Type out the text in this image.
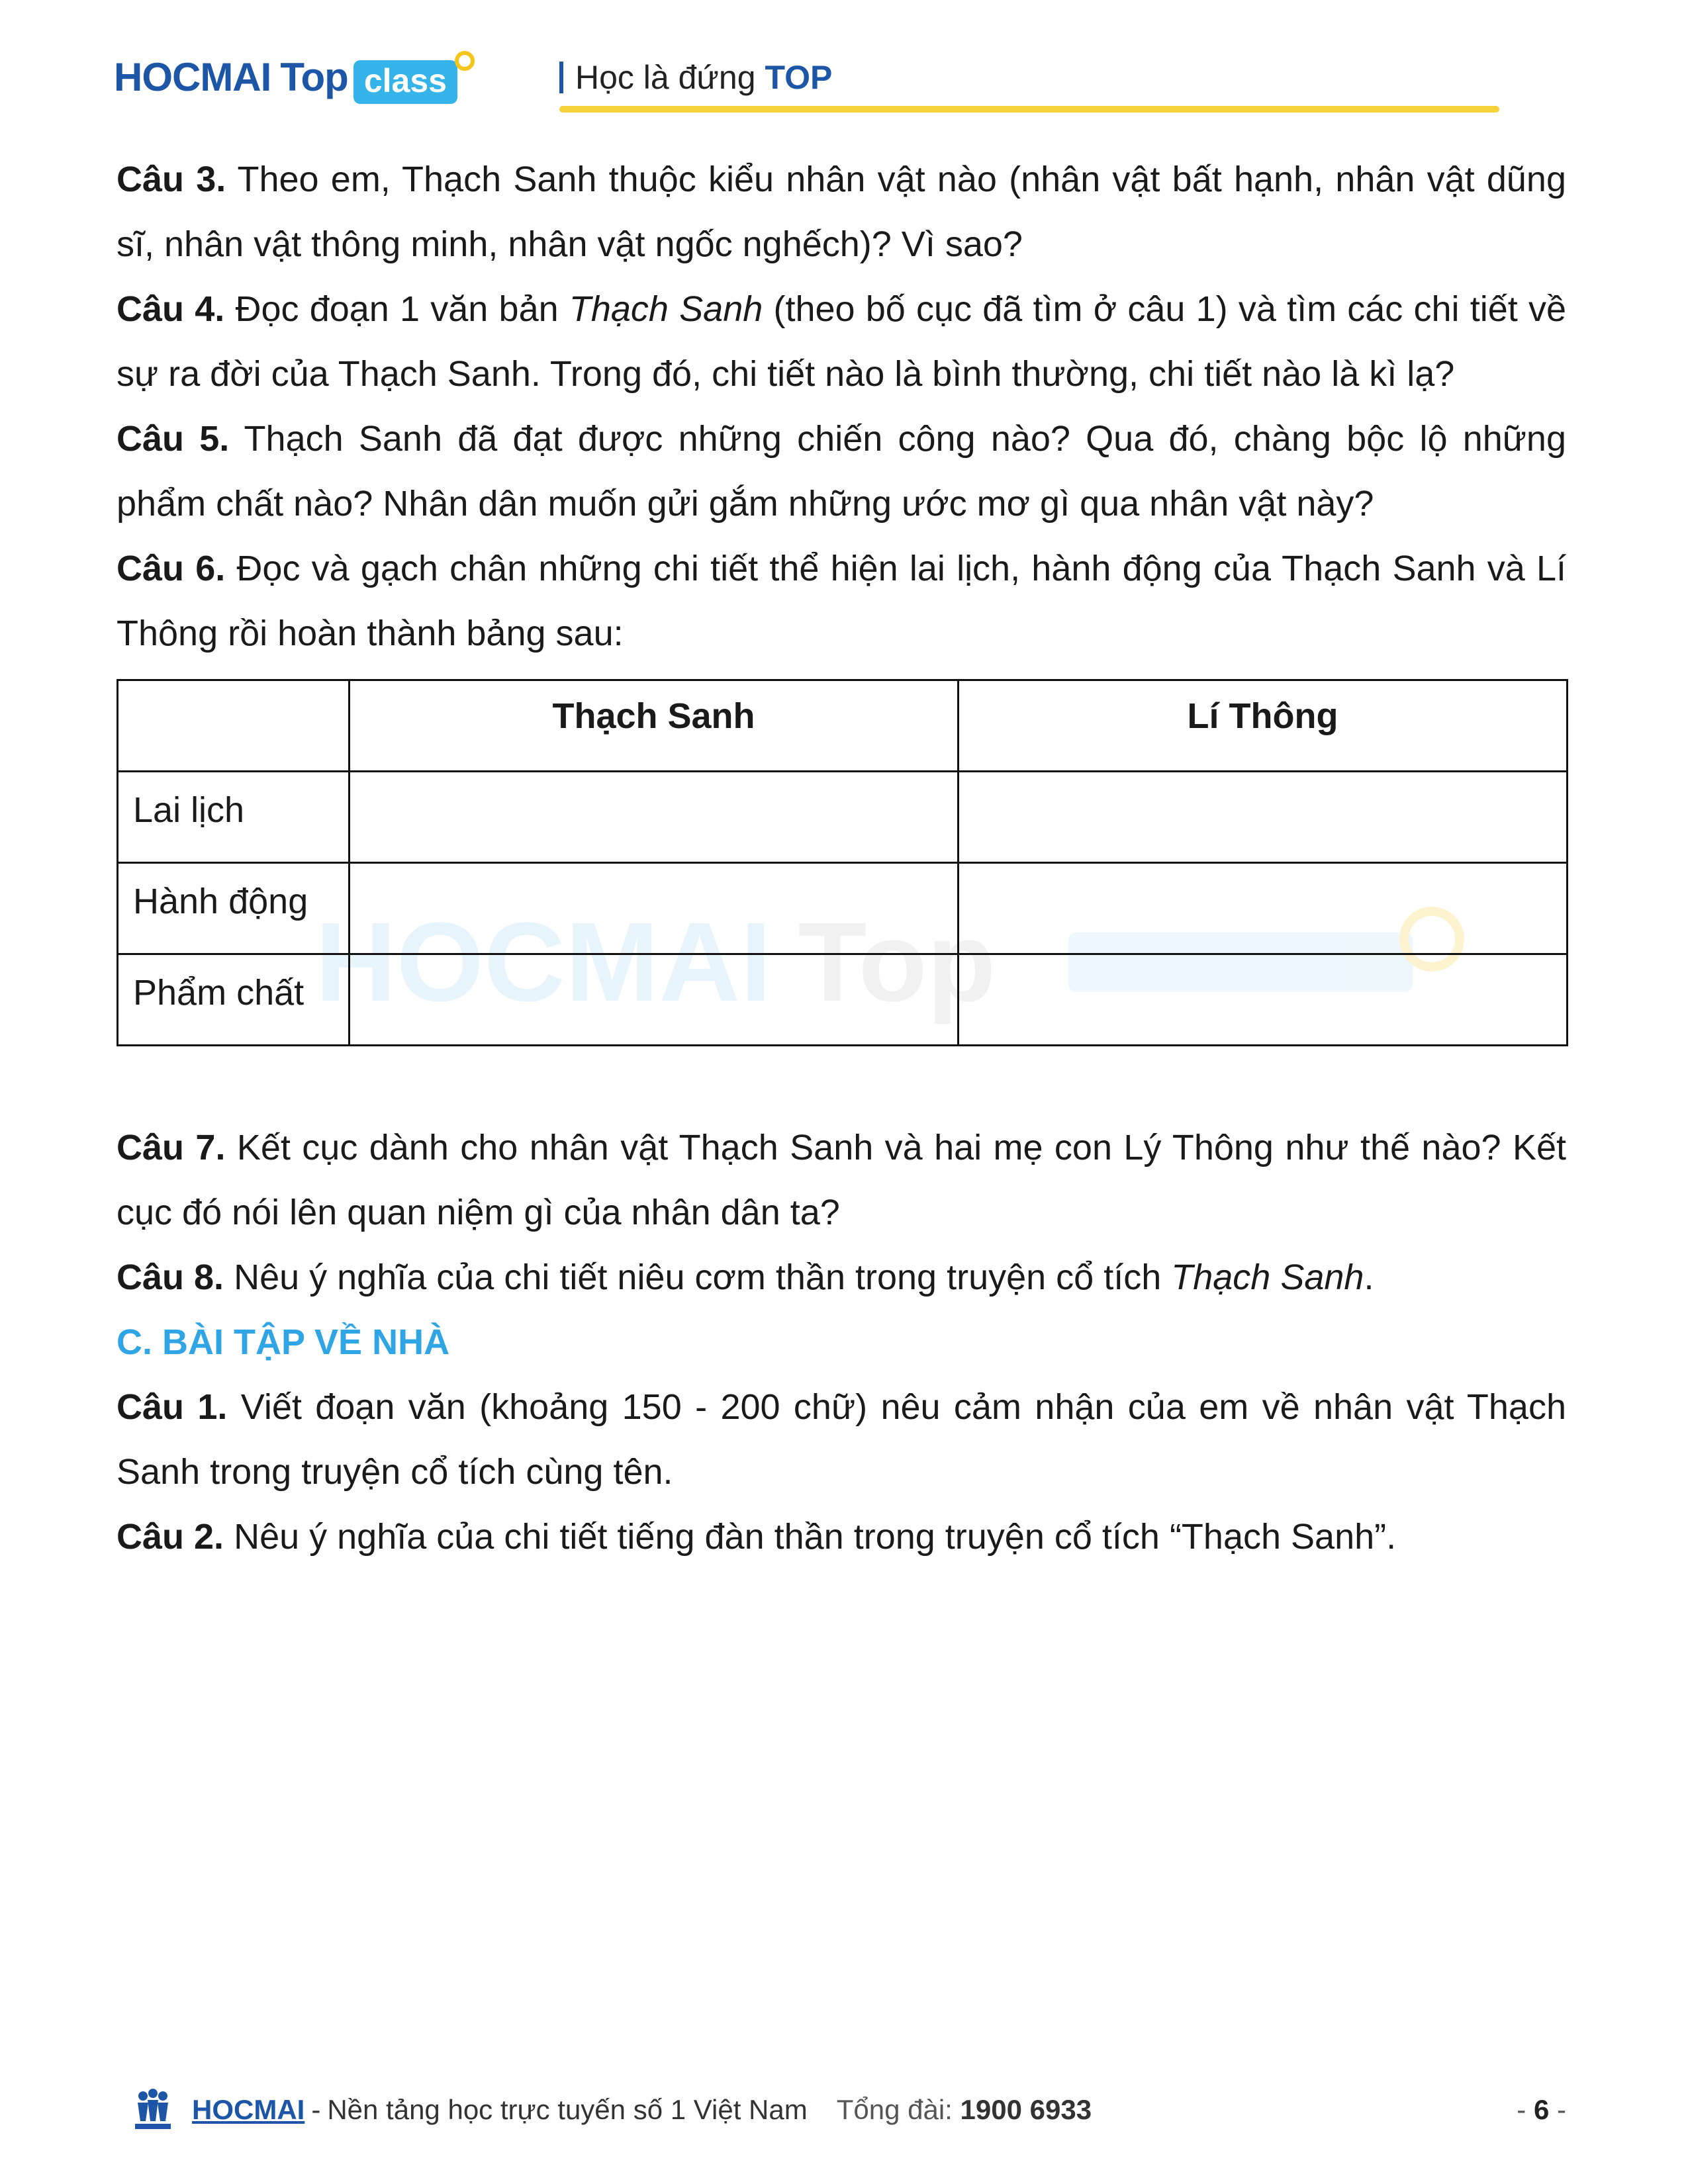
HOCMAI Top class	Học là đứng TOP

Câu 3. Theo em, Thạch Sanh thuộc kiểu nhân vật nào (nhân vật bất hạnh, nhân vật dũng sĩ, nhân vật thông minh, nhân vật ngốc nghếch)? Vì sao?

Câu 4. Đọc đoạn 1 văn bản Thạch Sanh (theo bố cục đã tìm ở câu 1) và tìm các chi tiết về sự ra đời của Thạch Sanh. Trong đó, chi tiết nào là bình thường, chi tiết nào là kì lạ?

Câu 5. Thạch Sanh đã đạt được những chiến công nào? Qua đó, chàng bộc lộ những phẩm chất nào? Nhân dân muốn gửi gắm những ước mơ gì qua nhân vật này?

Câu 6. Đọc và gạch chân những chi tiết thể hiện lai lịch, hành động của Thạch Sanh và Lí Thông rồi hoàn thành bảng sau:

HOCMAI Top
	Thạch Sanh	Lí Thông
Lai lịch		
Hành động		
Phẩm chất		

Câu 7. Kết cục dành cho nhân vật Thạch Sanh và hai mẹ con Lý Thông như thế nào? Kết cục đó nói lên quan niệm gì của nhân dân ta?

Câu 8. Nêu ý nghĩa của chi tiết niêu cơm thần trong truyện cổ tích Thạch Sanh.

C. BÀI TẬP VỀ NHÀ

Câu 1. Viết đoạn văn (khoảng 150 - 200 chữ) nêu cảm nhận của em về nhân vật Thạch Sanh trong truyện cổ tích cùng tên.

Câu 2. Nêu ý nghĩa của chi tiết tiếng đàn thần trong truyện cổ tích “Thạch Sanh”.

HOCMAI - Nền tảng học trực tuyến số 1 Việt Nam Tổng đài: 1900 6933	- 6 -
